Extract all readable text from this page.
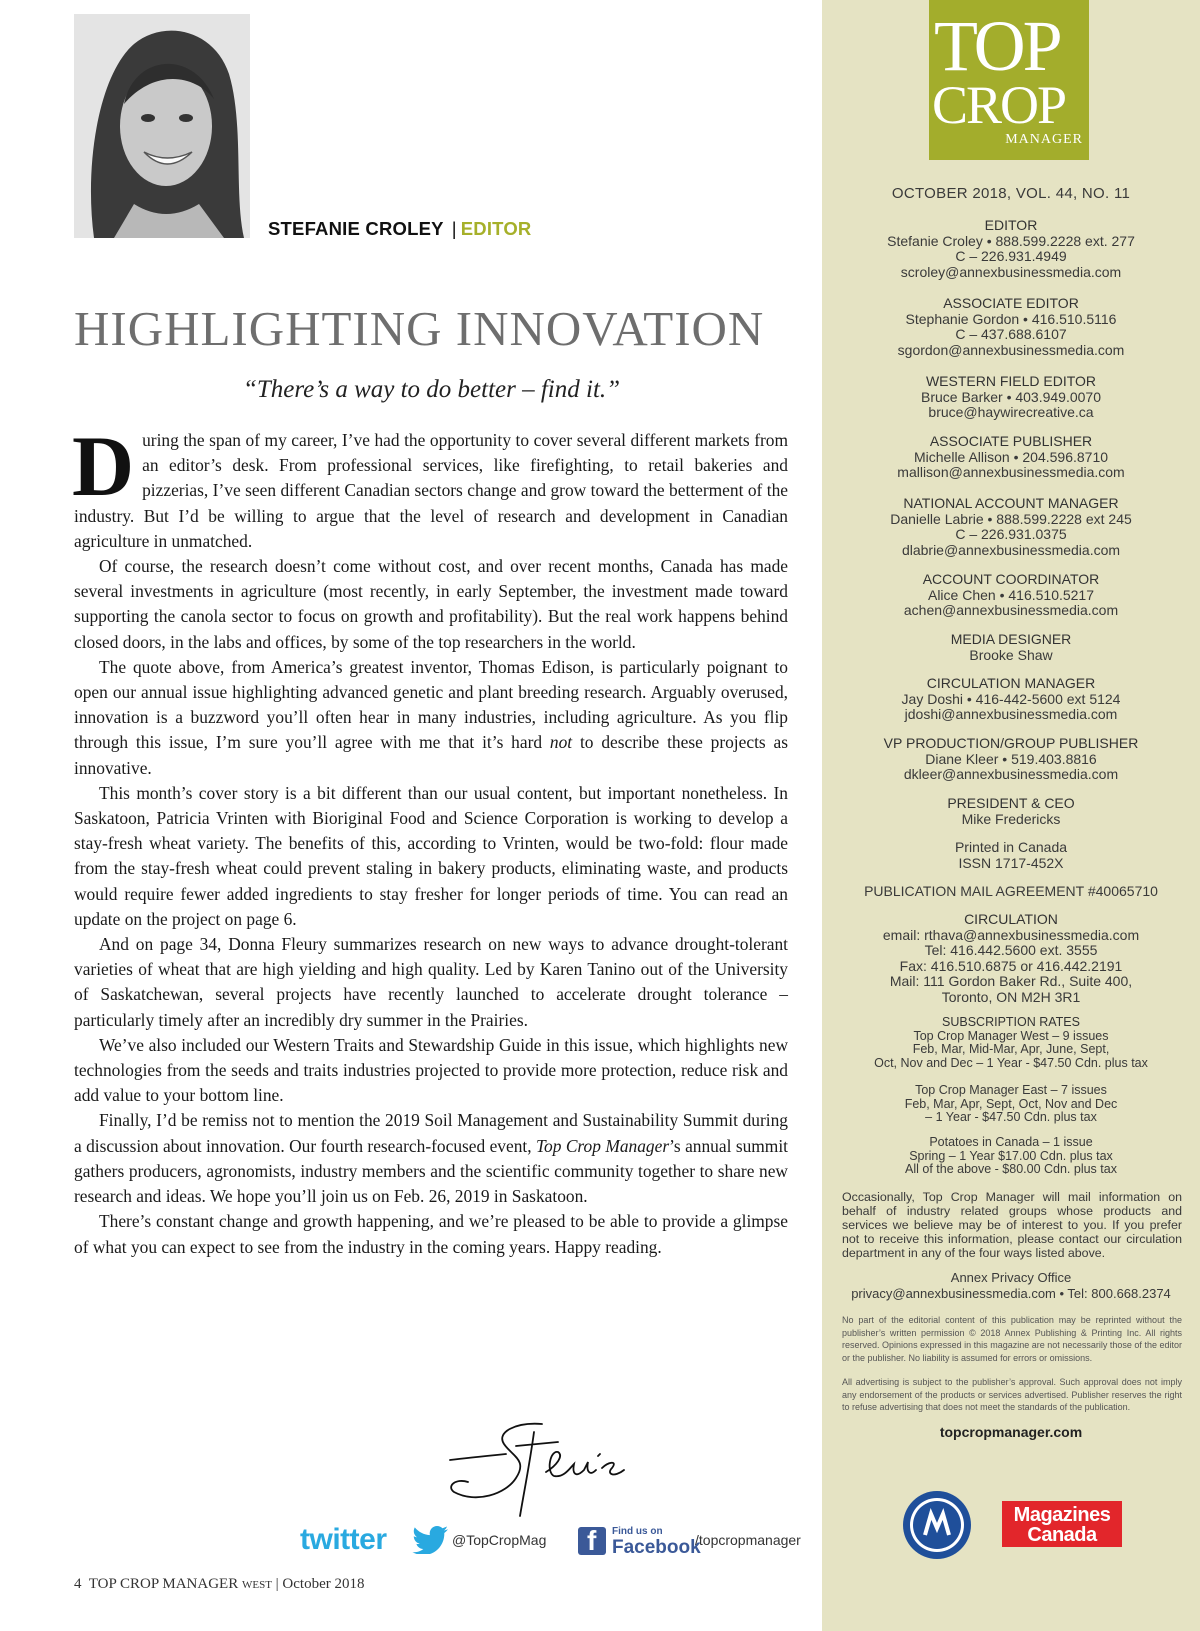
STEFANIE CROLEY | EDITOR
HIGHLIGHTING INNOVATION
“There’s a way to do better – find it.”

During the span of my career, I’ve had the opportunity to cover several different markets from an editor’s desk. From professional services, like firefighting, to retail bakeries and pizzerias, I’ve seen different Canadian sectors change and grow toward the betterment of the industry. But I’d be willing to argue that the level of research and development in Canadian agriculture in unmatched.

Of course, the research doesn’t come without cost, and over recent months, Canada has made several investments in agriculture (most recently, in early September, the investment made toward supporting the canola sector to focus on growth and profitability). But the real work happens behind closed doors, in the labs and offices, by some of the top researchers in the world.

The quote above, from America’s greatest inventor, Thomas Edison, is particularly poignant to open our annual issue highlighting advanced genetic and plant breeding research. Arguably overused, innovation is a buzzword you’ll often hear in many industries, including agriculture. As you flip through this issue, I’m sure you’ll agree with me that it’s hard not to describe these projects as innovative.

This month’s cover story is a bit different than our usual content, but important nonetheless. In Saskatoon, Patricia Vrinten with Bioriginal Food and Science Corporation is working to develop a stay-fresh wheat variety. The benefits of this, according to Vrinten, would be two-fold: flour made from the stay-fresh wheat could prevent staling in bakery products, eliminating waste, and products would require fewer added ingredients to stay fresher for longer periods of time. You can read an update on the project on page 6.

And on page 34, Donna Fleury summarizes research on new ways to advance drought-tolerant varieties of wheat that are high yielding and high quality. Led by Karen Tanino out of the University of Saskatchewan, several projects have recently launched to accelerate drought tolerance – particularly timely after an incredibly dry summer in the Prairies.

We’ve also included our Western Traits and Stewardship Guide in this issue, which highlights new technologies from the seeds and traits industries projected to provide more protection, reduce risk and add value to your bottom line.

Finally, I’d be remiss not to mention the 2019 Soil Management and Sustainability Summit during a discussion about innovation. Our fourth research-focused event, Top Crop Manager’s annual summit gathers producers, agronomists, industry members and the scientific community together to share new research and ideas. We hope you’ll join us on Feb. 26, 2019 in Saskatoon.

There’s constant change and growth happening, and we’re pleased to be able to provide a glimpse of what you can expect to see from the industry in the coming years. Happy reading.

twitter	@TopCropMag f Find us on
Facebook
/topcropmanager
4 TOP CROP MANAGER WEST | October 2018
TOP
CROP
MANAGER
OCTOBER 2018, VOL. 44, NO. 11
EDITOR
Stefanie Croley • 888.599.2228 ext. 277
C – 226.931.4949
scroley@annexbusinessmedia.com
ASSOCIATE EDITOR
Stephanie Gordon • 416.510.5116
C – 437.688.6107
sgordon@annexbusinessmedia.com
WESTERN FIELD EDITOR
Bruce Barker • 403.949.0070
bruce@haywirecreative.ca
ASSOCIATE PUBLISHER
Michelle Allison • 204.596.8710
mallison@annexbusinessmedia.com
NATIONAL ACCOUNT MANAGER
Danielle Labrie • 888.599.2228 ext 245
C – 226.931.0375
dlabrie@annexbusinessmedia.com
ACCOUNT COORDINATOR
Alice Chen • 416.510.5217
achen@annexbusinessmedia.com
MEDIA DESIGNER
Brooke Shaw
CIRCULATION MANAGER
Jay Doshi • 416-442-5600 ext 5124
jdoshi@annexbusinessmedia.com
VP PRODUCTION/GROUP PUBLISHER
Diane Kleer • 519.403.8816
dkleer@annexbusinessmedia.com
PRESIDENT & CEO
Mike Fredericks
Printed in Canada
ISSN 1717-452X
PUBLICATION MAIL AGREEMENT #40065710
CIRCULATION
email: rthava@annexbusinessmedia.com
Tel: 416.442.5600 ext. 3555
Fax: 416.510.6875 or 416.442.2191
Mail: 111 Gordon Baker Rd., Suite 400,
Toronto, ON M2H 3R1
SUBSCRIPTION RATES
Top Crop Manager West – 9 issues
Feb, Mar, Mid-Mar, Apr, June, Sept,
Oct, Nov and Dec – 1 Year - $47.50 Cdn. plus tax
Top Crop Manager East – 7 issues
Feb, Mar, Apr, Sept, Oct, Nov and Dec
– 1 Year - $47.50 Cdn. plus tax
Potatoes in Canada – 1 issue
Spring – 1 Year $17.00 Cdn. plus tax
All of the above - $80.00 Cdn. plus tax
Occasionally, Top Crop Manager will mail information on behalf of industry related groups whose products and services we believe may be of interest to you. If you prefer not to receive this information, please contact our circulation department in any of the four ways listed above.
Annex Privacy Office
privacy@annexbusinessmedia.com • Tel: 800.668.2374
No part of the editorial content of this publication may be reprinted without the publisher’s written permission © 2018 Annex Publishing & Printing Inc. All rights reserved. Opinions expressed in this magazine are not necessarily those of the editor or the publisher. No liability is assumed for errors or omissions.
All advertising is subject to the publisher’s approval. Such approval does not imply any endorsement of the products or services advertised. Publisher reserves the right to refuse advertising that does not meet the standards of the publication.
topcropmanager.com
Magazines
Canada
